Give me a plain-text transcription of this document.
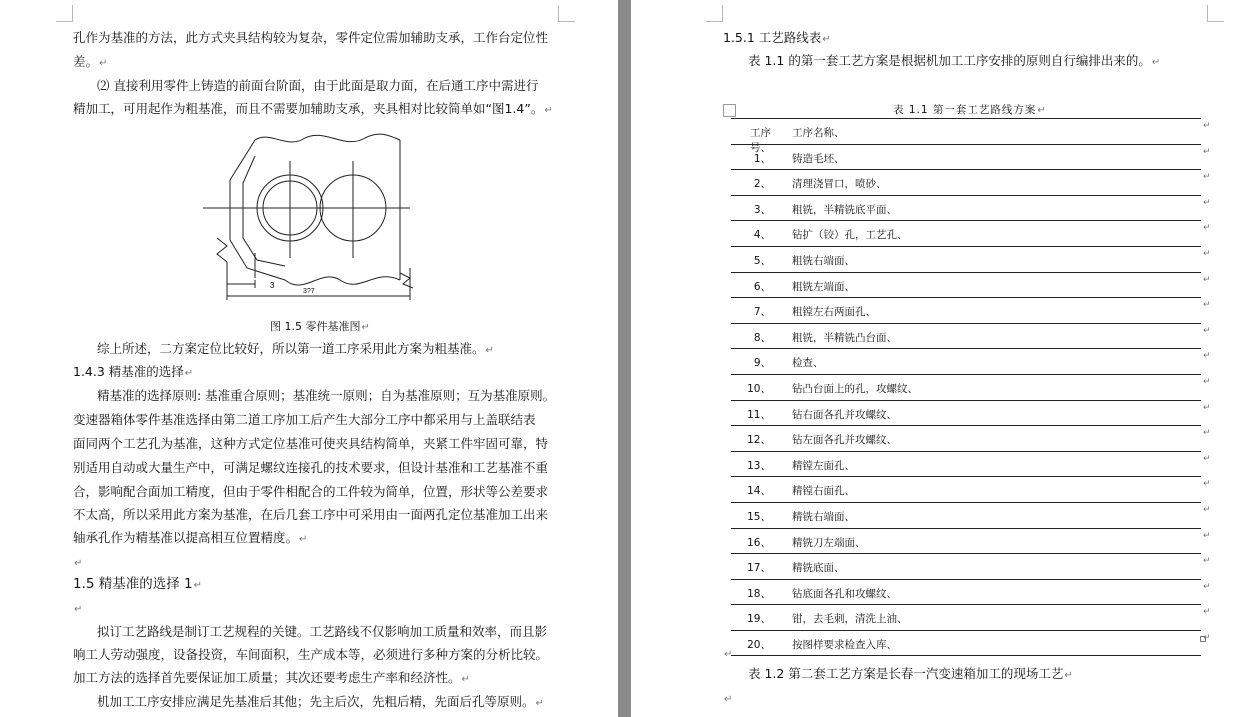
孔作为基准的方法，此方式夹具结构较为复杂，零件定位需加辅助支承，工作台定位性
差。↵
⑵ 直接利用零件上铸造的前面台阶面，由于此面是取力面，在后通工序中需进行
精加工，可用起作为粗基准，而且不需要加辅助支承，夹具相对比较简单如“图1.4”。↵
3
3?7
图 1.5 零件基准图↵
综上所述，二方案定位比较好，所以第一道工序采用此方案为粗基准。↵
1.4.3 精基准的选择↵
精基准的选择原则: 基准重合原则；基准统一原则；自为基准原则；互为基准原则。
变速器箱体零件基准选择由第二道工序加工后产生大部分工序中都采用与上盖联结表
面同两个工艺孔为基准，这种方式定位基准可使夹具结构简单，夹紧工件牢固可靠，特
别适用自动或大量生产中，可满足螺纹连接孔的技术要求，但设计基准和工艺基准不重
合，影响配合面加工精度，但由于零件相配合的工件较为简单，位置，形状等公差要求
不太高，所以采用此方案为基准，在后几套工序中可采用由一面两孔定位基准加工出来
轴承孔作为精基准以提高相互位置精度。↵
↵
1.5 精基准的选择 1↵
↵
拟订工艺路线是制订工艺规程的关键。工艺路线不仅影响加工质量和效率，而且影
响工人劳动强度，设备投资，车间面积，生产成本等，必须进行多种方案的分析比较。
加工方法的选择首先要保证加工质量；其次还要考虑生产率和经济性。↵
机加工工序安排应满足先基准后其他；先主后次，先粗后精，先面后孔等原则。↵
1.5.1 工艺路线表↵
表 1.1 的第一套工艺方案是根据机加工工序安排的原则自行编排出来的。↵
表 1.1 第一套工艺路线方案↵
工序号、
工序名称、
↵
1、 铸造毛坯、
↵
2、 清理浇冒口，喷砂、
↵
3、 粗铣，半精铣底平面、
↵
4、 钻扩（铰）孔，工艺孔、
↵
5、 粗铣右端面、
↵
6、 粗铣左端面、
↵
7、 粗镗左右两面孔、
↵
8、 粗铣，半精铣凸台面、
↵
9、 检查、
↵
10、 钻凸台面上的孔，攻螺纹、
↵
11、 钻右面各孔并攻螺纹、
↵
12、 钻左面各孔并攻螺纹、
↵
13、 精镗左面孔、
↵
14、 精镗右面孔、
↵
15、 精铣右端面、
↵
16、 精铣刀左端面、
↵
17、 精铣底面、
↵
18、 钻底面各孔和攻螺纹、
↵
19、 钳，去毛刺，清洗上油、
↵
20、 按图样要求检查入库、
↵
↵
表 1.2 第二套工艺方案是长春一汽变速箱加工的现场工艺↵
↵
